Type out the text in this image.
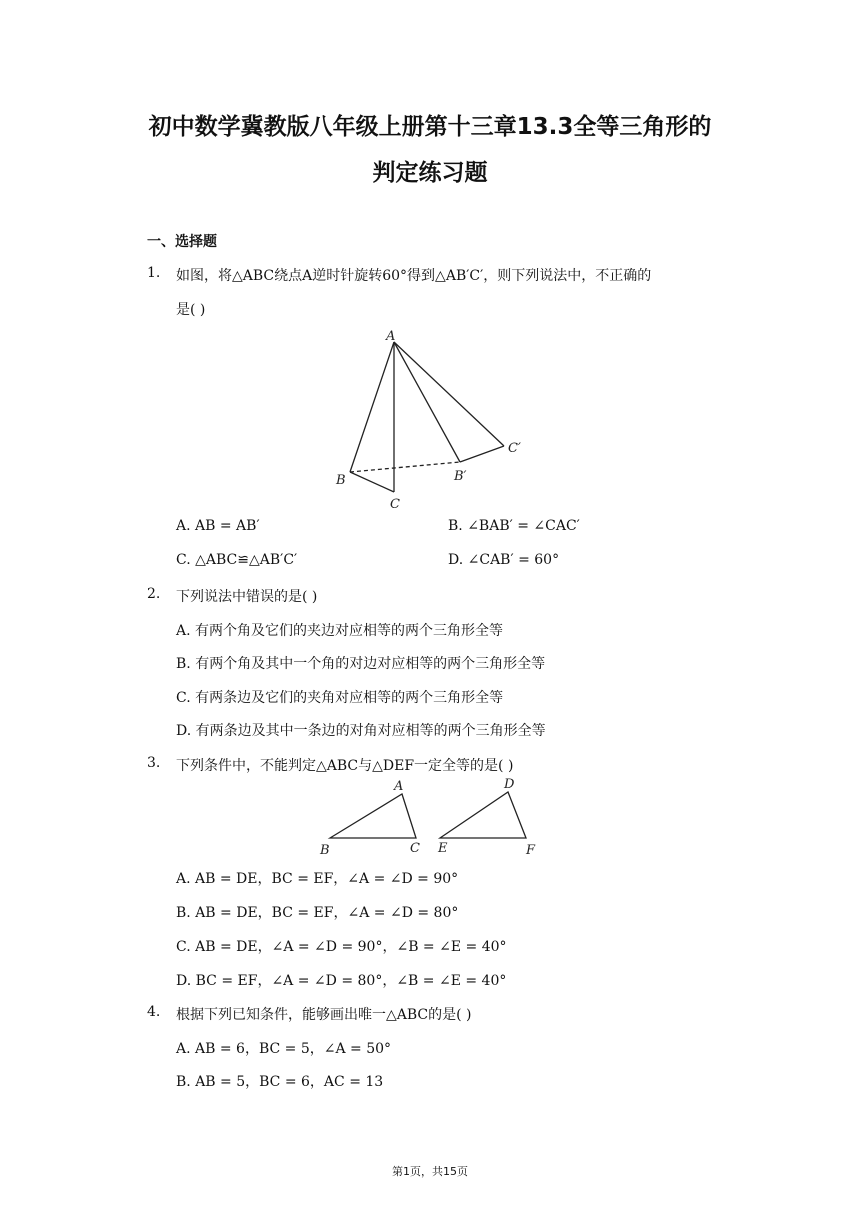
初中数学冀教版八年级上册第十三章13.3全等三角形的
判定练习题
一、选择题
1. 如图，将△ABC绕点A逆时针旋转60°得到△AB′C′，则下列说法中，不正确的
是( )
A
B
C
B′
C′
A. AB = AB′	B. ∠BAB′ = ∠CAC′
C. △ABC≌△AB′C′	D. ∠CAB′ = 60°
2. 下列说法中错误的是( )
A. 有两个角及它们的夹边对应相等的两个三角形全等
B. 有两个角及其中一个角的对边对应相等的两个三角形全等
C. 有两条边及它们的夹角对应相等的两个三角形全等
D. 有两条边及其中一条边的对角对应相等的两个三角形全等
3. 下列条件中，不能判定△ABC与△DEF一定全等的是( )
A
B	C
D
E	F
A. AB = DE，BC = EF，∠A = ∠D = 90°
B. AB = DE，BC = EF，∠A = ∠D = 80°
C. AB = DE，∠A = ∠D = 90°，∠B = ∠E = 40°
D. BC = EF，∠A = ∠D = 80°，∠B = ∠E = 40°
4. 根据下列已知条件，能够画出唯一△ABC的是( )
A. AB = 6，BC = 5，∠A = 50°
B. AB = 5，BC = 6，AC = 13
第1页，共15页
